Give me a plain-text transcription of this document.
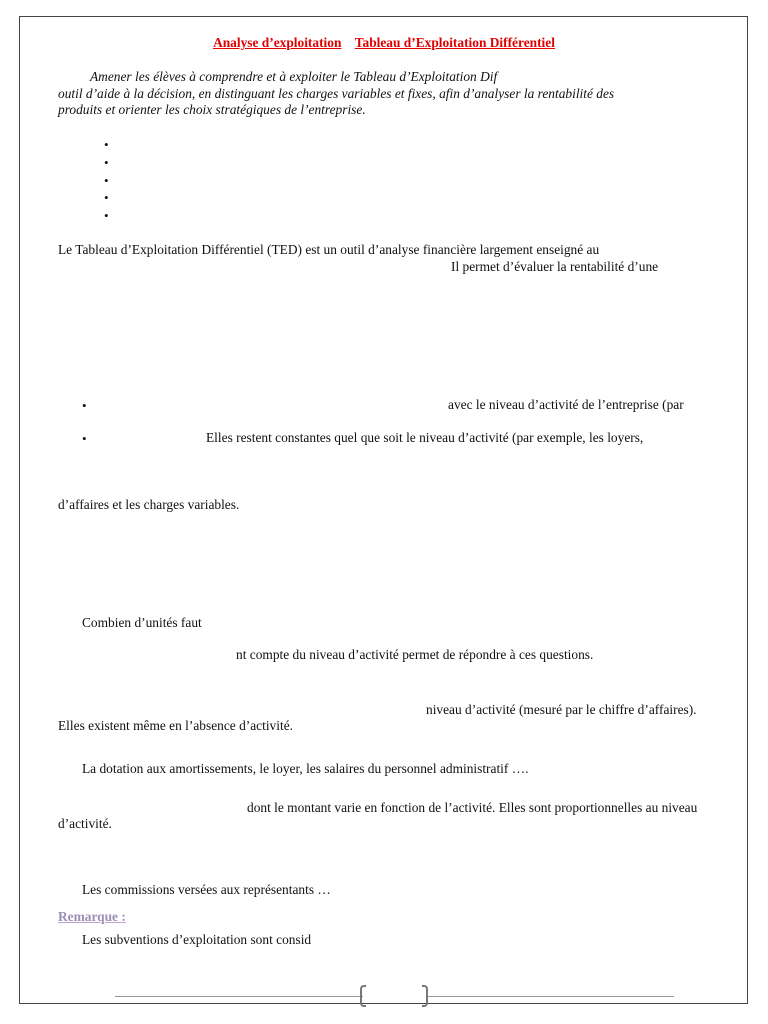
Analyse d’exploitation Tableau d’Exploitation Différentiel
Amener les élèves à comprendre et à exploiter le Tableau d’Exploitation Dif
outil d’aide à la décision, en distinguant les charges variables et fixes, afin d’analyser la rentabilité des
produits et orienter les choix stratégiques de l’entreprise.
•
•
•
•
•
Le Tableau d’Exploitation Différentiel (TED) est un outil d’analyse financière largement enseigné au
Il permet d’évaluer la rentabilité d’une
•	avec le niveau d’activité de l’entreprise (par
•	Elles restent constantes quel que soit le niveau d’activité (par exemple, les loyers,
d’affaires et les charges variables.
Combien d’unités faut
nt compte du niveau d’activité permet de répondre à ces questions.
niveau d’activité (mesuré par le chiffre d’affaires).
Elles existent même en l’absence d’activité.
La dotation aux amortissements, le loyer, les salaires du personnel administratif ….
dont le montant varie en fonction de l’activité. Elles sont proportionnelles au niveau
d’activité.
Les commissions versées aux représentants …
Remarque :
Les subventions d’exploitation sont consid
